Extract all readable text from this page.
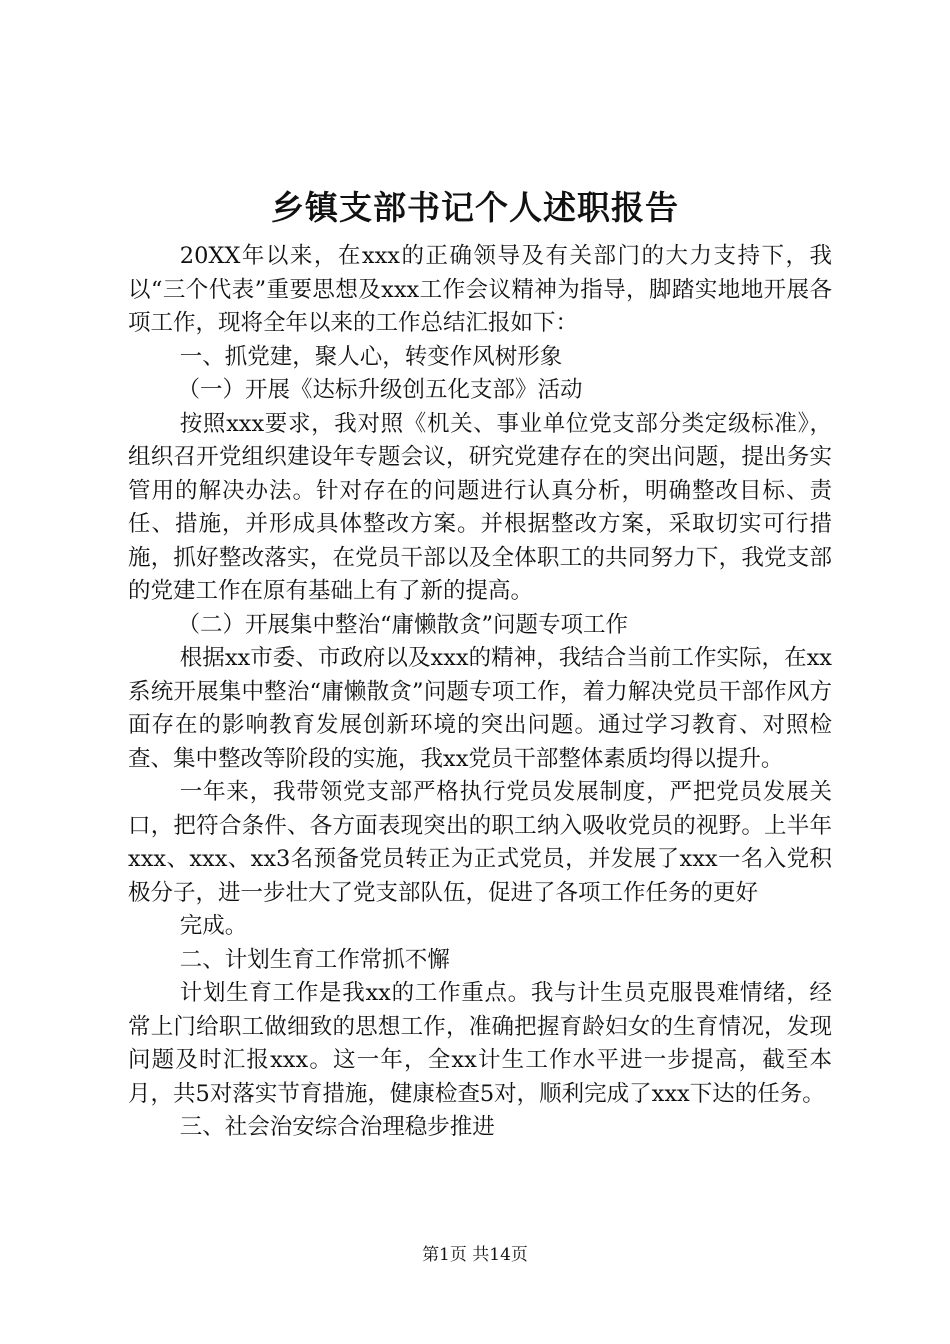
乡镇支部书记个人述职报告

20XX年以来，在xxx的正确领导及有关部门的大力支持下，我以“三个代表”重要思想及xxx工作会议精神为指导，脚踏实地地开展各项工作，现将全年以来的工作总结汇报如下：

一、抓党建，聚人心，转变作风树形象

（一）开展《达标升级创五化支部》活动

按照xxx要求，我对照《机关、事业单位党支部分类定级标准》，组织召开党组织建设年专题会议，研究党建存在的突出问题，提出务实管用的解决办法。针对存在的问题进行认真分析，明确整改目标、责任、措施，并形成具体整改方案。并根据整改方案，采取切实可行措施，抓好整改落实，在党员干部以及全体职工的共同努力下，我党支部的党建工作在原有基础上有了新的提高。

（二）开展集中整治“庸懒散贪”问题专项工作

根据xx市委、市政府以及xxx的精神，我结合当前工作实际，在xx系统开展集中整治“庸懒散贪”问题专项工作，着力解决党员干部作风方面存在的影响教育发展创新环境的突出问题。通过学习教育、对照检查、集中整改等阶段的实施，我xx党员干部整体素质均得以提升。

一年来，我带领党支部严格执行党员发展制度，严把党员发展关口，把符合条件、各方面表现突出的职工纳入吸收党员的视野。上半年xxx、xxx、xx3名预备党员转正为正式党员，并发展了xxx一名入党积极分子，进一步壮大了党支部队伍，促进了各项工作任务的更好

完成。

二、计划生育工作常抓不懈

计划生育工作是我xx的工作重点。我与计生员克服畏难情绪，经常上门给职工做细致的思想工作，准确把握育龄妇女的生育情况，发现问题及时汇报xxx。这一年，全xx计生工作水平进一步提高，截至本月，共5对落实节育措施，健康检查5对，顺利完成了xxx下达的任务。

三、社会治安综合治理稳步推进

第1页 共14页
